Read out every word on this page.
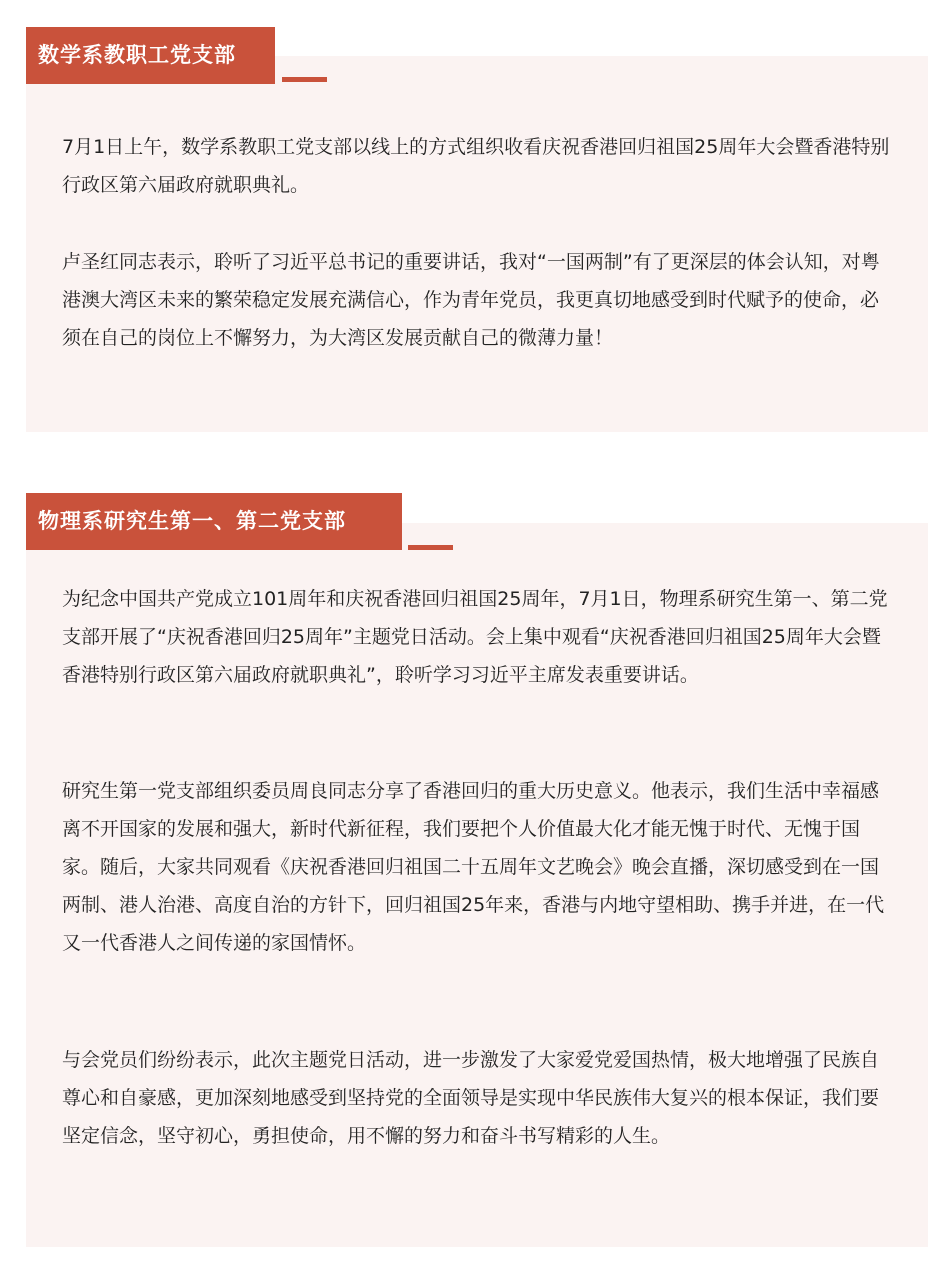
数学系教职工党支部

7月1日上午，数学系教职工党支部以线上的方式组织收看庆祝香港回归祖国25周年大会暨香港特别行政区第六届政府就职典礼。

卢圣红同志表示，聆听了习近平总书记的重要讲话，我对“一国两制”有了更深层的体会认知，对粤港澳大湾区未来的繁荣稳定发展充满信心，作为青年党员，我更真切地感受到时代赋予的使命，必须在自己的岗位上不懈努力，为大湾区发展贡献自己的微薄力量！

物理系研究生第一、第二党支部

为纪念中国共产党成立101周年和庆祝香港回归祖国25周年，7月1日，物理系研究生第一、第二党支部开展了“庆祝香港回归25周年”主题党日活动。会上集中观看“庆祝香港回归祖国25周年大会暨香港特别行政区第六届政府就职典礼”，聆听学习习近平主席发表重要讲话。

研究生第一党支部组织委员周良同志分享了香港回归的重大历史意义。他表示，我们生活中幸福感离不开国家的发展和强大，新时代新征程，我们要把个人价值最大化才能无愧于时代、无愧于国家。随后，大家共同观看《庆祝香港回归祖国二十五周年文艺晚会》晚会直播，深切感受到在一国两制、港人治港、高度自治的方针下，回归祖国25年来，香港与内地守望相助、携手并进，在一代又一代香港人之间传递的家国情怀。

与会党员们纷纷表示，此次主题党日活动，进一步激发了大家爱党爱国热情，极大地增强了民族自尊心和自豪感，更加深刻地感受到坚持党的全面领导是实现中华民族伟大复兴的根本保证，我们要坚定信念，坚守初心，勇担使命，用不懈的努力和奋斗书写精彩的人生。
